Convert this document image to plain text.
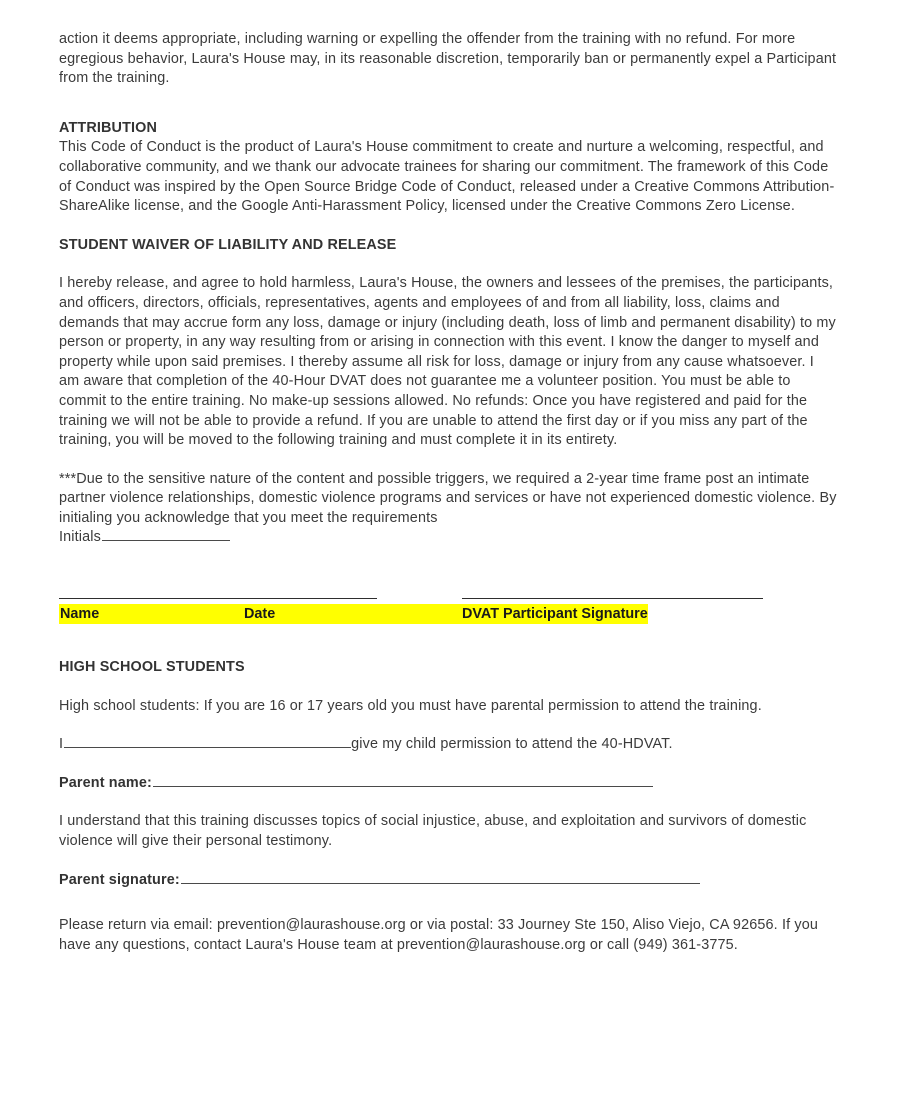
action it deems appropriate, including warning or expelling the offender from the training with no refund. For more egregious behavior, Laura's House may, in its reasonable discretion, temporarily ban or permanently expel a Participant from the training.

ATTRIBUTION

This Code of Conduct is the product of Laura's House commitment to create and nurture a welcoming, respectful, and collaborative community, and we thank our advocate trainees for sharing our commitment. The framework of this Code of Conduct was inspired by the Open Source Bridge Code of Conduct, released under a Creative Commons Attribution-ShareAlike license, and the Google Anti-Harassment Policy, licensed under the Creative Commons Zero License.

STUDENT WAIVER OF LIABILITY AND RELEASE

I hereby release, and agree to hold harmless, Laura's House, the owners and lessees of the premises, the participants, and officers, directors, officials, representatives, agents and employees of and from all liability, loss, claims and demands that may accrue form any loss, damage or injury (including death, loss of limb and permanent disability) to my person or property, in any way resulting from or arising in connection with this event. I know the danger to myself and property while upon said premises. I thereby assume all risk for loss, damage or injury from any cause whatsoever. I am aware that completion of the 40-Hour DVAT does not guarantee me a volunteer position. You must be able to commit to the entire training. No make-up sessions allowed. No refunds: Once you have registered and paid for the training we will not be able to provide a refund. If you are unable to attend the first day or if you miss any part of the training, you will be moved to the following training and must complete it in its entirety.

***Due to the sensitive nature of the content and possible triggers, we required a 2-year time frame post an intimate partner violence relationships, domestic violence programs and services or have not experienced domestic violence. By initialing you acknowledge that you meet the requirements
Initials

Name	Date	DVAT Participant Signature
HIGH SCHOOL STUDENTS

High school students: If you are 16 or 17 years old you must have parental permission to attend the training.

I	give my child permission to attend the 40-HDVAT.

Parent name:

I understand that this training discusses topics of social injustice, abuse, and exploitation and survivors of domestic violence will give their personal testimony.

Parent signature:

Please return via email: prevention@laurashouse.org or via postal: 33 Journey Ste 150, Aliso Viejo, CA 92656. If you have any questions, contact Laura's House team at prevention@laurashouse.org or call (949) 361-3775.
